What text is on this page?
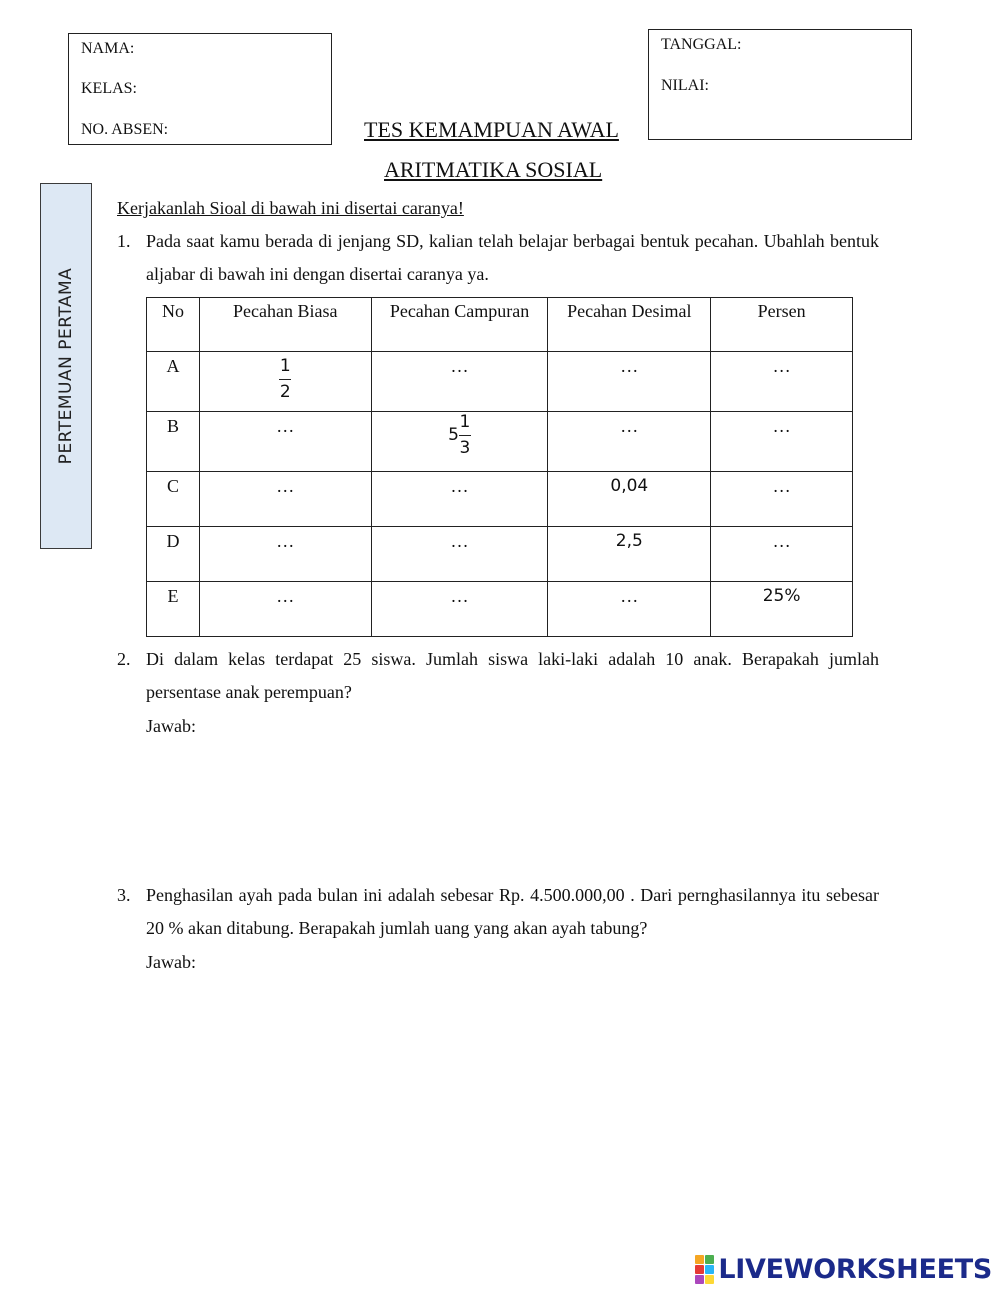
NAMA:
KELAS:
NO. ABSEN:
TANGGAL:
NILAI:
TES KEMAMPUAN AWAL
ARITMATIKA SOSIAL
PERTEMUAN PERTAMA
Kerjakanlah Sioal di bawah ini disertai caranya!
1. Pada saat kamu berada di jenjang SD, kalian telah belajar berbagai bentuk pecahan. Ubahlah bentuk aljabar di bawah ini dengan disertai caranya ya.
No	Pecahan Biasa	Pecahan Campuran	Pecahan Desimal	Persen
A	$\frac{1}{2}$	…	…	…
B	…	$5 \frac{1}{3}$	…	…
C	…	…	0,04	…
D	…	…	2,5	…
E	…	…	…	25%
2. Di dalam kelas terdapat 25 siswa. Jumlah siswa laki-laki adalah 10 anak. Berapakah jumlah persentase anak perempuan?
Jawab:
3. Penghasilan ayah pada bulan ini adalah sebesar Rp. 4.500.000,00 . Dari pernghasilannya itu sebesar 20 % akan ditabung. Berapakah jumlah uang yang akan ayah tabung?
Jawab:
LIVEWORKSHEETS
